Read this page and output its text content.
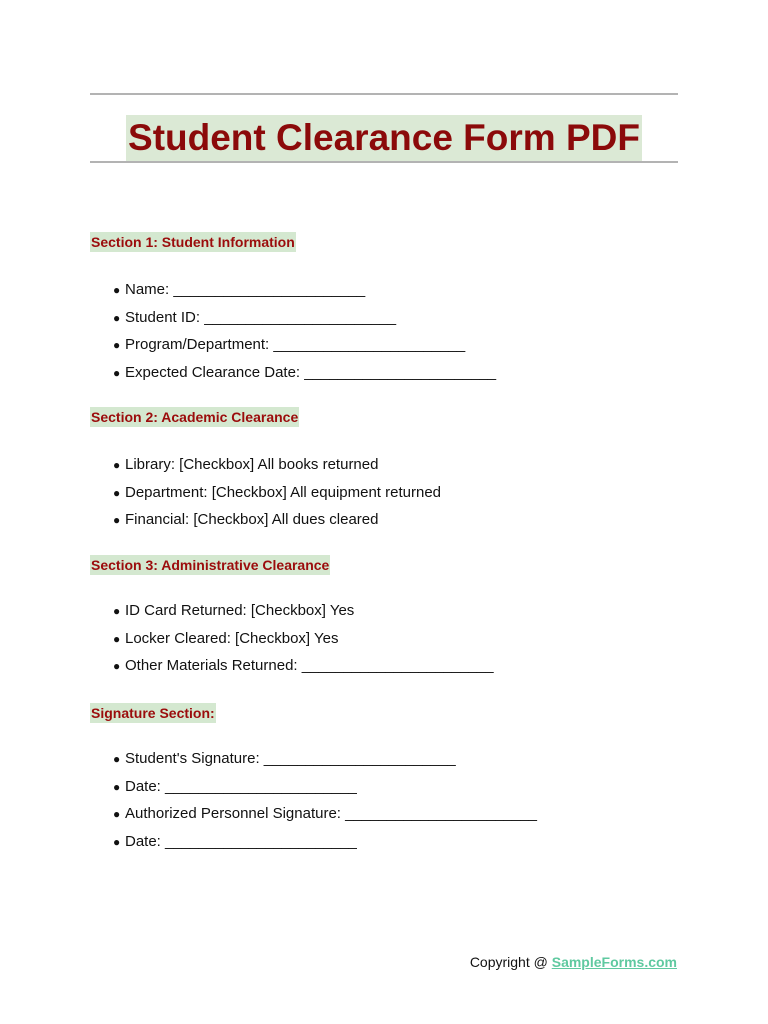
Student Clearance Form PDF
Section 1: Student Information
● Name: _______________________
● Student ID: _______________________
● Program/Department: _______________________
● Expected Clearance Date: _______________________
Section 2: Academic Clearance
● Library: [Checkbox] All books returned
● Department: [Checkbox] All equipment returned
● Financial: [Checkbox] All dues cleared
Section 3: Administrative Clearance
● ID Card Returned: [Checkbox] Yes
● Locker Cleared: [Checkbox] Yes
● Other Materials Returned: _______________________
Signature Section:
● Student's Signature: _______________________
● Date: _______________________
● Authorized Personnel Signature: _______________________
● Date: _______________________
Copyright @ SampleForms.com
